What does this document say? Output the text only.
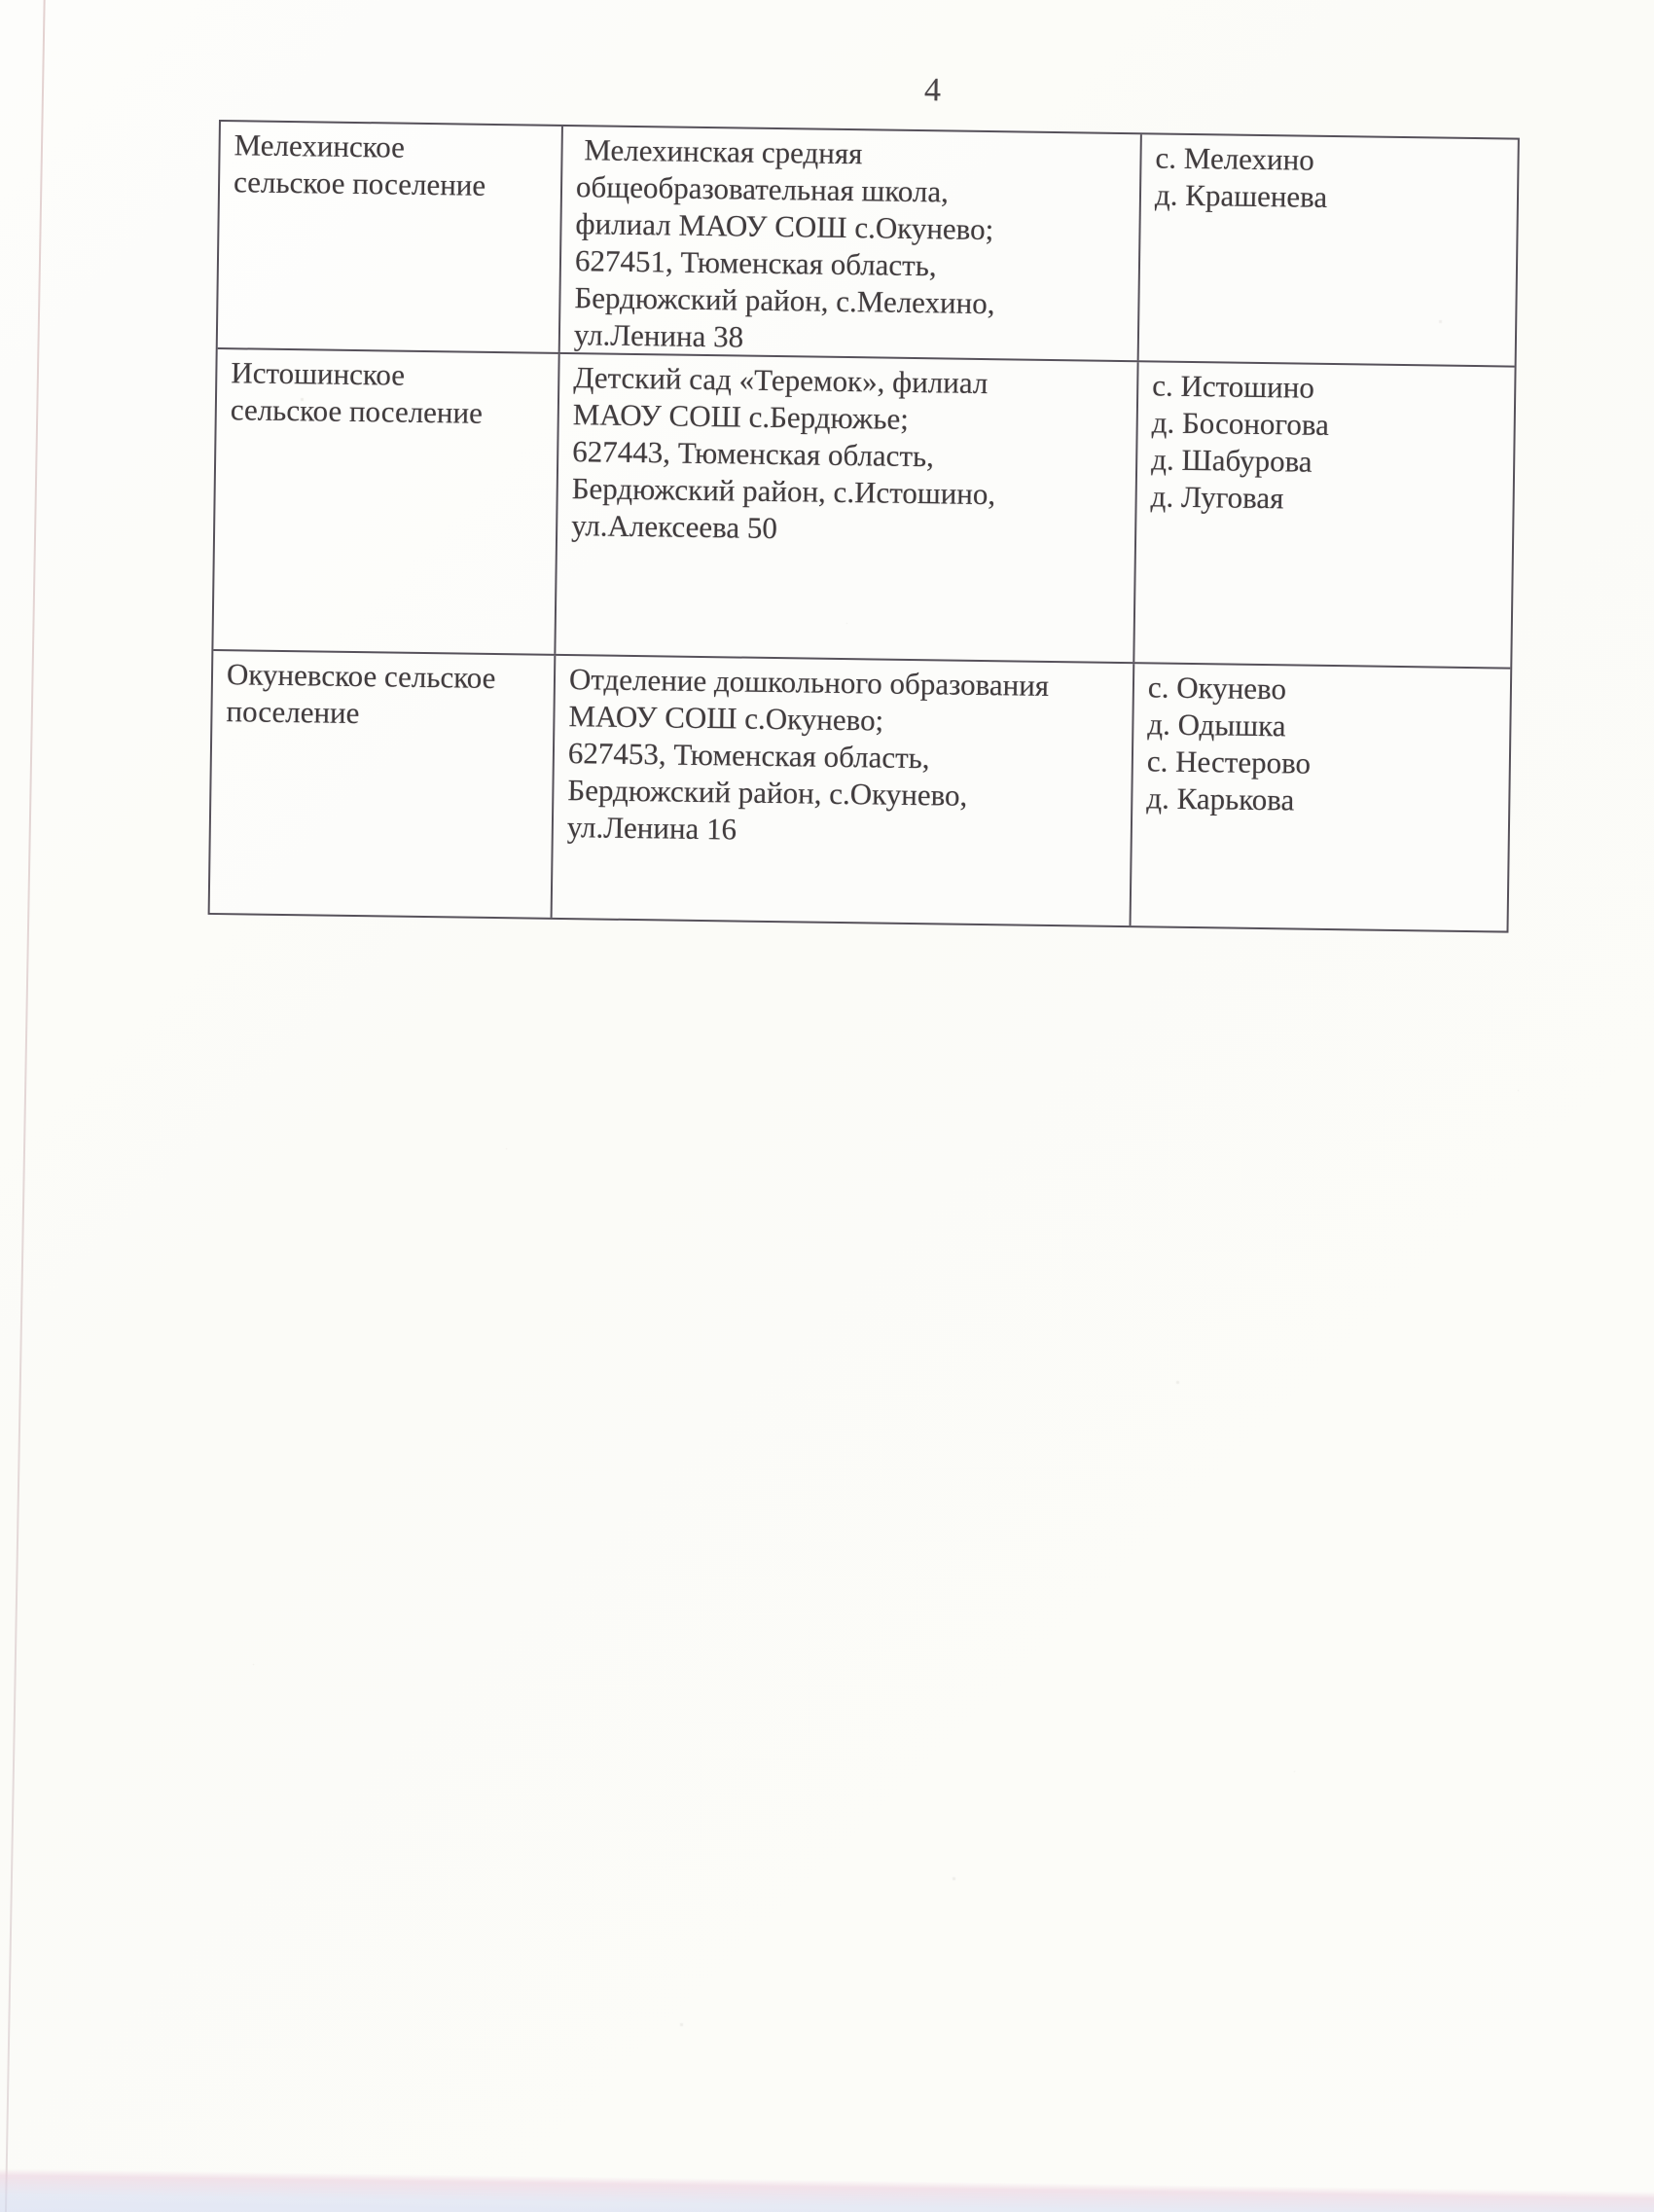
4
Мелехинское
сельское поселение
Мелехинская средняя
общеобразовательная школа,
филиал МАОУ СОШ с.Окунево;
627451, Тюменская область,
Бердюжский район, с.Мелехино,
ул.Ленина 38
с. Мелехино
д. Крашенева
Истошинское
сельское поселение
Детский сад «Теремок», филиал
МАОУ СОШ с.Бердюжье;
627443, Тюменская область,
Бердюжский район, с.Истошино,
ул.Алексеева 50
с. Истошино
д. Босоногова
д. Шабурова
д. Луговая
Окуневское сельское
поселение
Отделение дошкольного образования
МАОУ СОШ с.Окунево;
627453, Тюменская область,
Бердюжский район, с.Окунево,
ул.Ленина 16
с. Окунево
д. Одышка
с. Нестерово
д. Карькова
